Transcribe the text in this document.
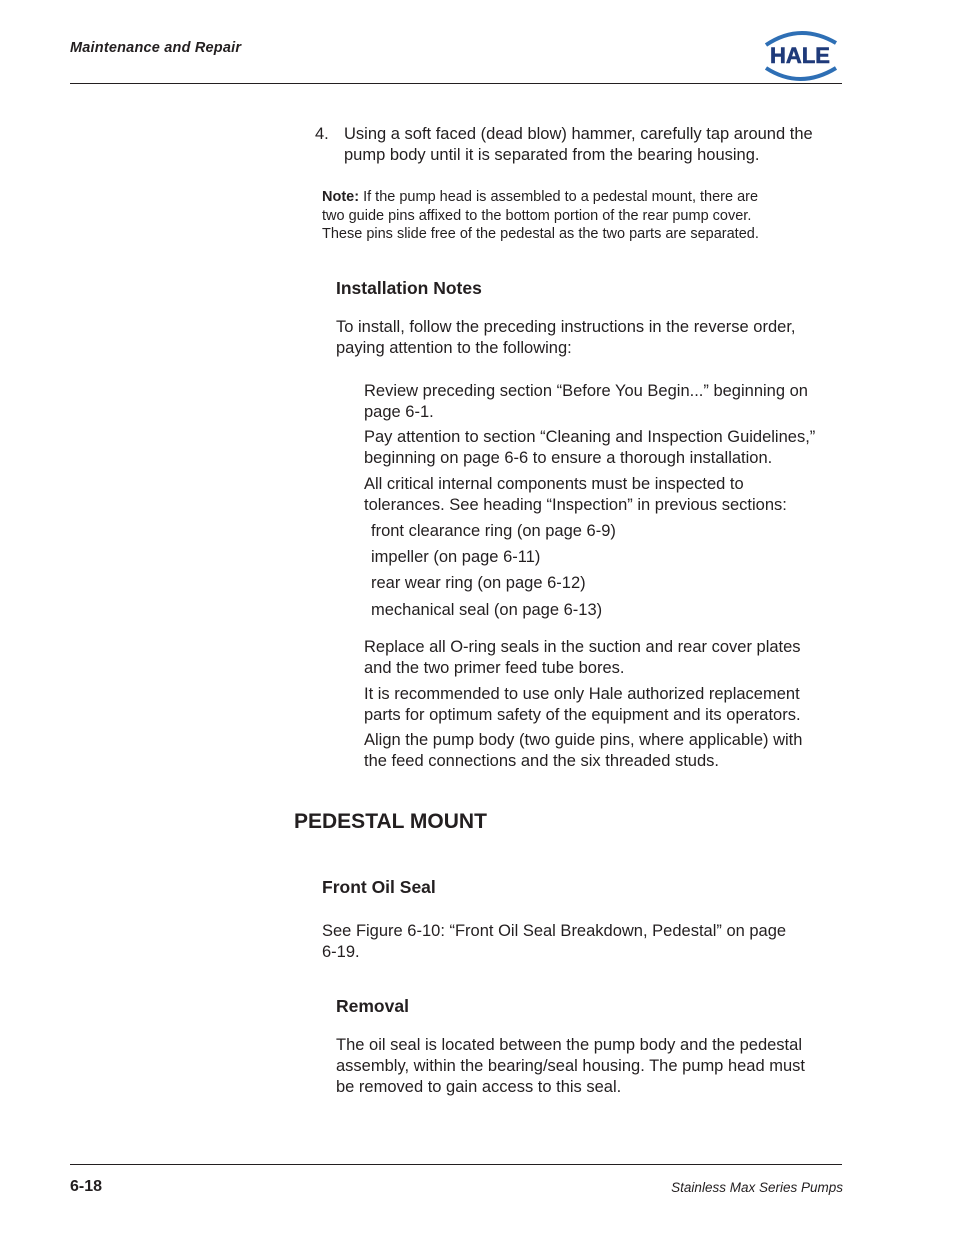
Maintenance and Repair	HALE
4. Using a soft faced (dead blow) hammer, carefully tap around the
pump body until it is separated from the bearing housing.
Note: If the pump head is assembled to a pedestal mount, there are
two guide pins affixed to the bottom portion of the rear pump cover.
These pins slide free of the pedestal as the two parts are separated.
Installation Notes
To install, follow the preceding instructions in the reverse order,
paying attention to the following:
Review preceding section “Before You Begin...” beginning on
page 6-1.
Pay attention to section “Cleaning and Inspection Guidelines,”
beginning on page 6-6 to ensure a thorough installation.
All critical internal components must be inspected to
tolerances. See heading “Inspection” in previous sections:
front clearance ring (on page 6-9)
impeller (on page 6-11)
rear wear ring (on page 6-12)
mechanical seal (on page 6-13)
Replace all O-ring seals in the suction and rear cover plates
and the two primer feed tube bores.
It is recommended to use only Hale authorized replacement
parts for optimum safety of the equipment and its operators.
Align the pump body (two guide pins, where applicable) with
the feed connections and the six threaded studs.
PEDESTAL MOUNT
Front Oil Seal
See Figure 6-10: “Front Oil Seal Breakdown, Pedestal” on page
6-19.
Removal
The oil seal is located between the pump body and the pedestal
assembly, within the bearing/seal housing. The pump head must
be removed to gain access to this seal.
6-18	Stainless Max Series Pumps
